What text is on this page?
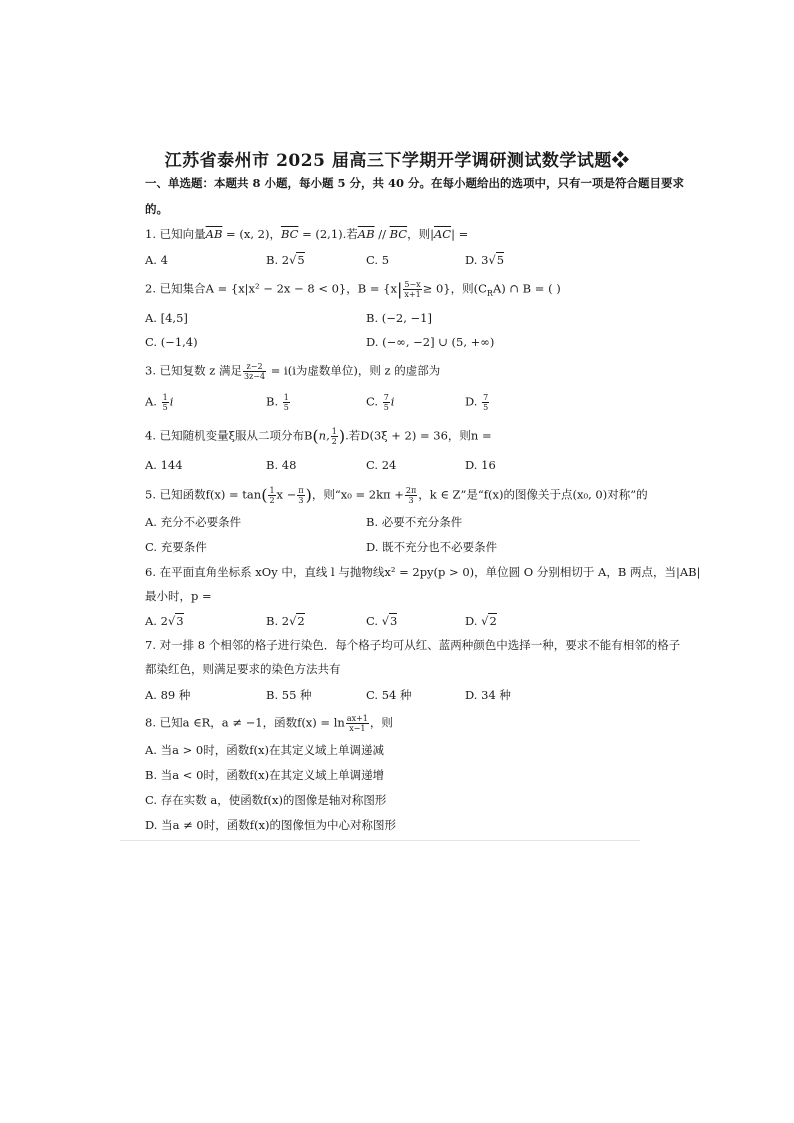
江苏省泰州市 2025 届高三下学期开学调研测试数学试题❖
一、单选题：本题共 8 小题，每小题 5 分，共 40 分。在每小题给出的选项中，只有一项是符合题目要求
的。
1. 已知向量$\overline{AB} = (x$, 2)，$\overline{BC} = (2,1)$.若$\overline{AB} // \overline{BC}$，则$|\overline{AC}|$ =
A. 4	B. 2√5	C. 5	D. 3√5
2. 已知集合A = {x|x² − 2x − 8 < 0}，$B = \{x| \frac{5-x}{x+1} \ge 0\}$，则$(C_RA)$ ∩ B = ( )
A. [4,5]	B. (−2, −1]
C. (−1,4)	D. (−∞, −2] ∪ (5, +∞)
3. 已知复数 z 满足 $\frac{z-2}{3z-4} = i(i$为虚数单位)，则 z 的虚部为
A. $\frac{1}{5}$ i	B. $\frac{1}{5}$	C. $\frac{7}{5}$ i	D. $\frac{7}{5}$
4. 已知随机变量ξ服从二项分布B(n, $\frac{1}{2}$ ).若D(3ξ + 2) = 36，则n =
A. 144	B. 48	C. 24	D. 16
5. 已知函数$f(x) = \tan( \frac{1}{2}$ $x - \frac{\pi}{3}$ )，则“$x_0 = 2k\pi + \frac{2\pi}{3}$ ，k ∈ Z”是“f(x)的图像关于点(x₀, 0)对称”的
A. 充分不必要条件	B. 必要不充分条件
C. 充要条件	D. 既不充分也不必要条件
6. 在平面直角坐标系 xOy 中，直线 l 与抛物线x² = 2py(p > 0)，单位圆 O 分别相切于 A，B 两点，当|AB|
最小时，p =
A. 2√3	B. 2√2	C. √3	D. √2
7. 对一排 8 个相邻的格子进行染色．每个格子均可从红、蓝两种颜色中选择一种，要求不能有相邻的格子
都染红色，则满足要求的染色方法共有
A. 89 种	B. 55 种	C. 54 种	D. 34 种
8. 已知a ∈R，a ≠ −1，函数$f(x) = \ln \frac{ax+1}{x-1}$ ，则
A. 当a > 0时，函数f(x)在其定义域上单调递减
B. 当a < 0时，函数f(x)在其定义域上单调递增
C. 存在实数 a，使函数f(x)的图像是轴对称图形
D. 当a ≠ 0时，函数f(x)的图像恒为中心对称图形
